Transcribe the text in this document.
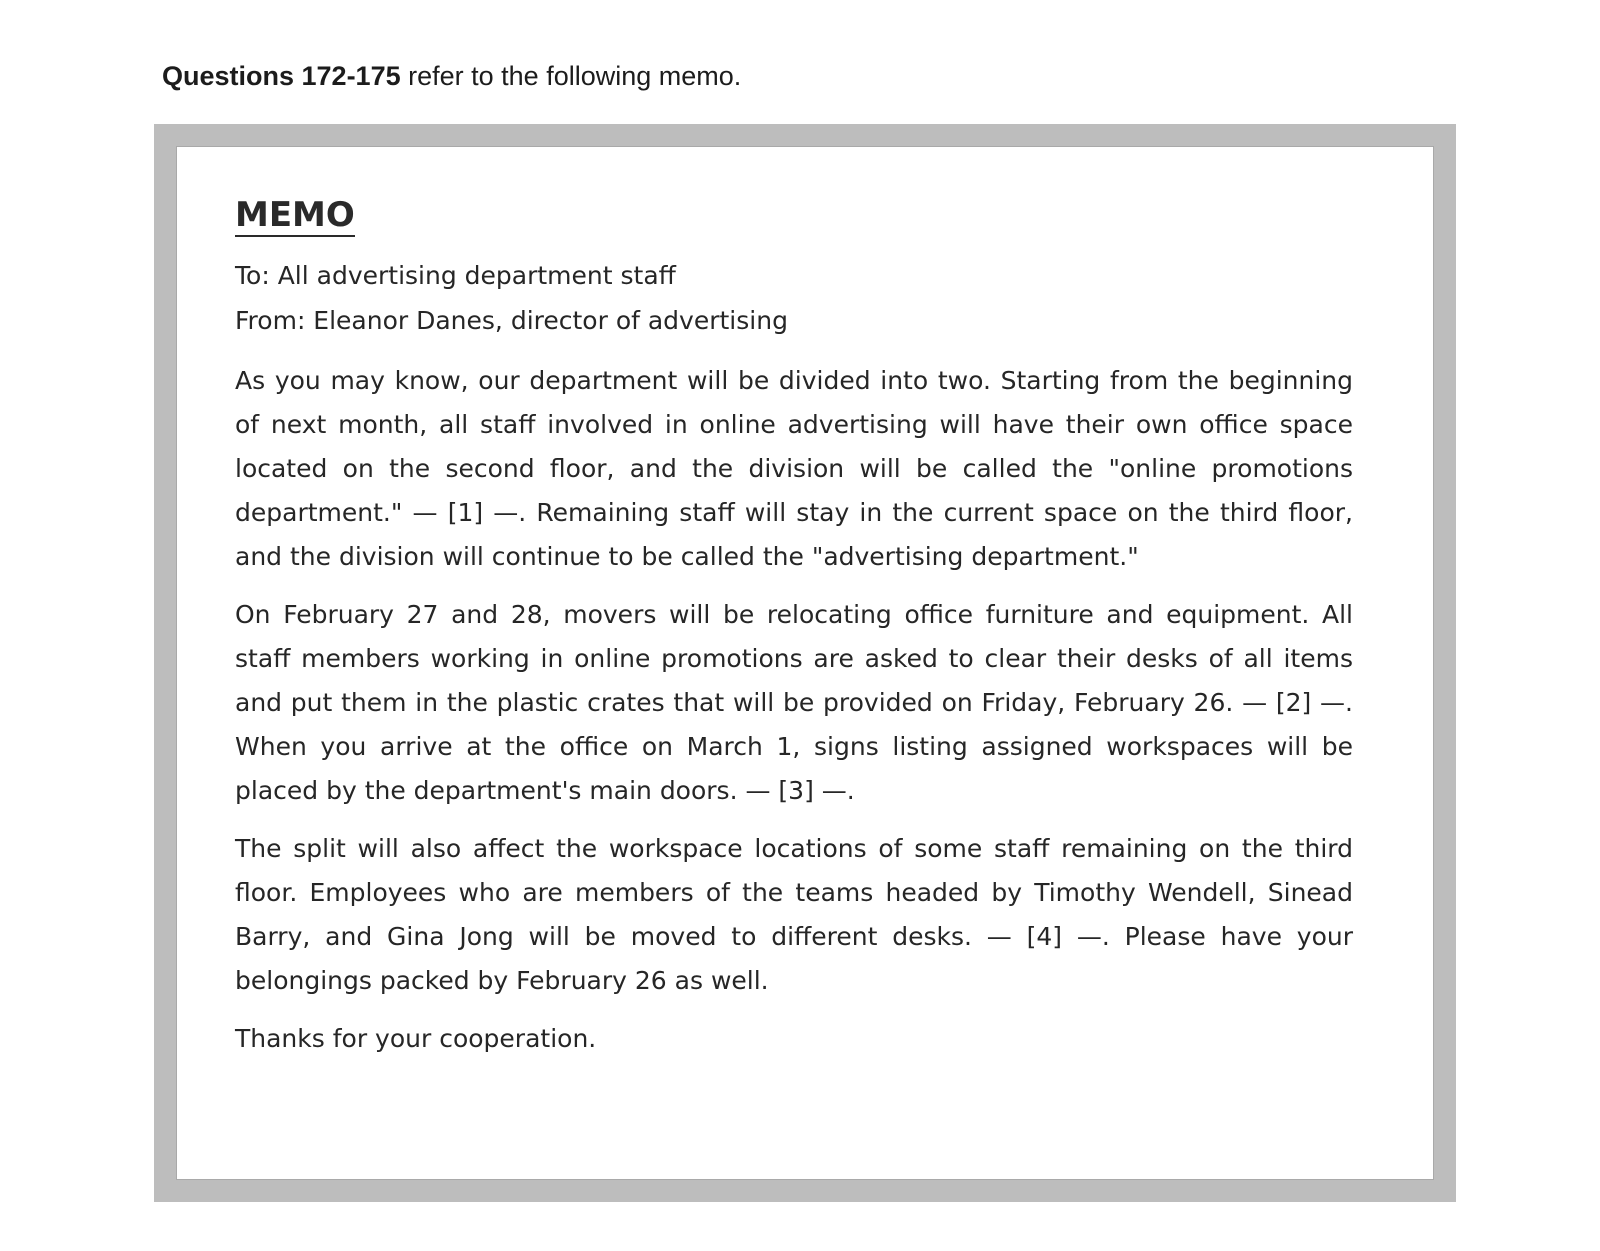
Questions 172-175 refer to the following memo.
MEMO
To: All advertising department staff
From: Eleanor Danes, director of advertising

As you may know, our department will be divided into two. Starting from the beginning of next month, all staff involved in online advertising will have their own office space located on the second floor, and the division will be called the "online promotions department." — [1] —. Remaining staff will stay in the current space on the third floor, and the division will continue to be called the "advertising department."

On February 27 and 28, movers will be relocating office furniture and equipment. All staff members working in online promotions are asked to clear their desks of all items and put them in the plastic crates that will be provided on Friday, February 26. — [2] —. When you arrive at the office on March 1, signs listing assigned workspaces will be placed by the department's main doors. — [3] —.

The split will also affect the workspace locations of some staff remaining on the third floor. Employees who are members of the teams headed by Timothy Wendell, Sinead Barry, and Gina Jong will be moved to different desks. — [4] —. Please have your belongings packed by February 26 as well.

Thanks for your cooperation.
